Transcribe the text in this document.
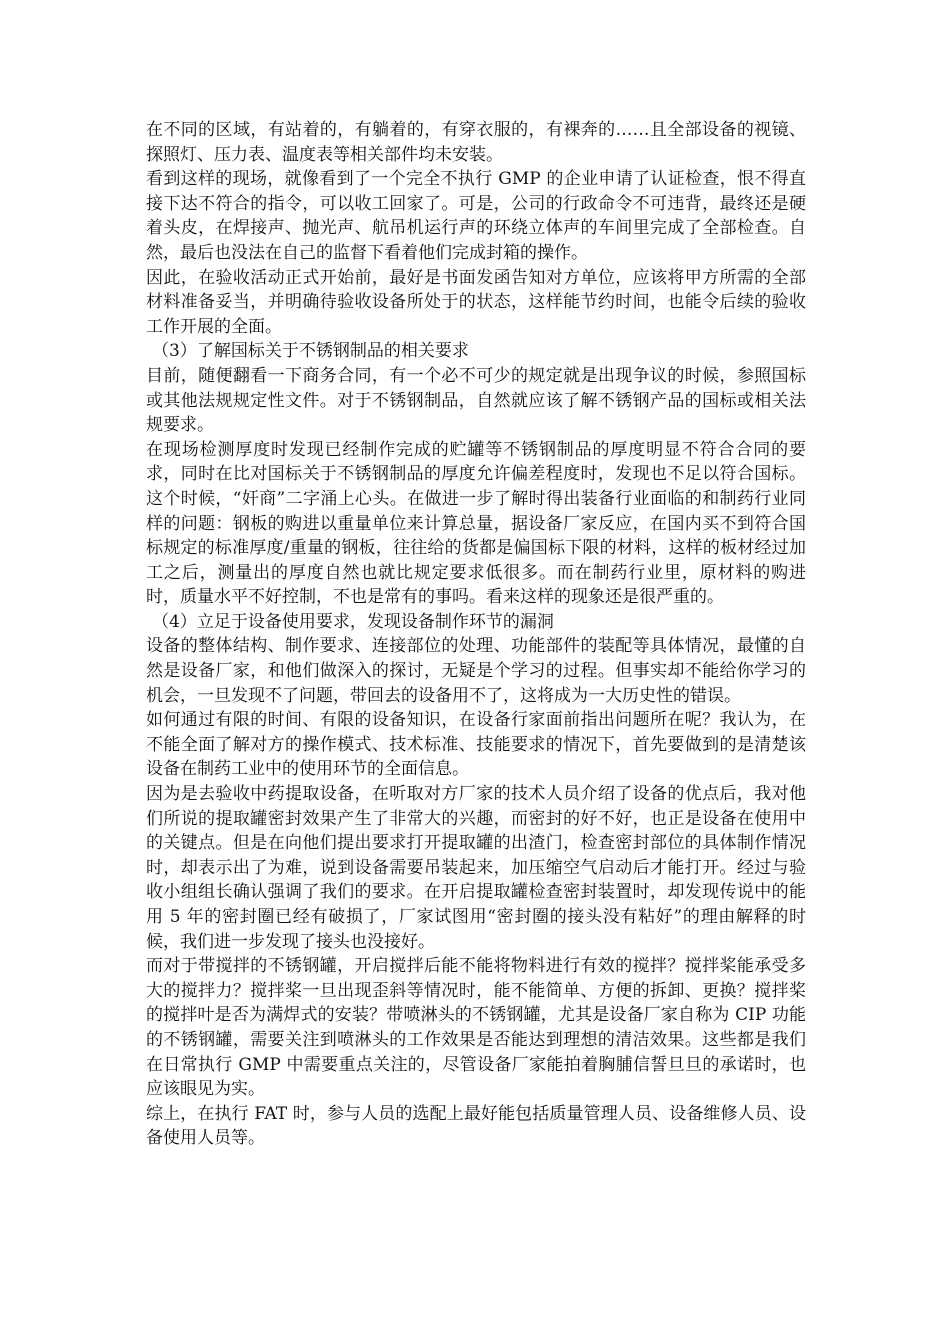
在不同的区域，有站着的，有躺着的，有穿衣服的，有裸奔的……且全部设备的视镜、探照灯、压力表、温度表等相关部件均未安装。

看到这样的现场，就像看到了一个完全不执行 GMP 的企业申请了认证检查，恨不得直接下达不符合的指令，可以收工回家了。可是，公司的行政命令不可违背，最终还是硬着头皮，在焊接声、抛光声、航吊机运行声的环绕立体声的车间里完成了全部检查。自然，最后也没法在自己的监督下看着他们完成封箱的操作。

因此，在验收活动正式开始前，最好是书面发函告知对方单位，应该将甲方所需的全部材料准备妥当，并明确待验收设备所处于的状态，这样能节约时间，也能令后续的验收工作开展的全面。

（3）了解国标关于不锈钢制品的相关要求

目前，随便翻看一下商务合同，有一个必不可少的规定就是出现争议的时候，参照国标或其他法规规定性文件。对于不锈钢制品，自然就应该了解不锈钢产品的国标或相关法规要求。

在现场检测厚度时发现已经制作完成的贮罐等不锈钢制品的厚度明显不符合合同的要求，同时在比对国标关于不锈钢制品的厚度允许偏差程度时，发现也不足以符合国标。这个时候，“奸商”二字涌上心头。在做进一步了解时得出装备行业面临的和制药行业同样的问题：钢板的购进以重量单位来计算总量，据设备厂家反应，在国内买不到符合国标规定的标准厚度/重量的钢板，往往给的货都是偏国标下限的材料，这样的板材经过加工之后，测量出的厚度自然也就比规定要求低很多。而在制药行业里，原材料的购进时，质量水平不好控制，不也是常有的事吗。看来这样的现象还是很严重的。

（4）立足于设备使用要求，发现设备制作环节的漏洞

设备的整体结构、制作要求、连接部位的处理、功能部件的装配等具体情况，最懂的自然是设备厂家，和他们做深入的探讨，无疑是个学习的过程。但事实却不能给你学习的机会，一旦发现不了问题，带回去的设备用不了，这将成为一大历史性的错误。

如何通过有限的时间、有限的设备知识，在设备行家面前指出问题所在呢？我认为，在不能全面了解对方的操作模式、技术标准、技能要求的情况下，首先要做到的是清楚该设备在制药工业中的使用环节的全面信息。

因为是去验收中药提取设备，在听取对方厂家的技术人员介绍了设备的优点后，我对他们所说的提取罐密封效果产生了非常大的兴趣，而密封的好不好，也正是设备在使用中的关键点。但是在向他们提出要求打开提取罐的出渣门，检查密封部位的具体制作情况时，却表示出了为难，说到设备需要吊装起来，加压缩空气启动后才能打开。经过与验收小组组长确认强调了我们的要求。在开启提取罐检查密封装置时，却发现传说中的能用 5 年的密封圈已经有破损了，厂家试图用“密封圈的接头没有粘好”的理由解释的时候，我们进一步发现了接头也没接好。

而对于带搅拌的不锈钢罐，开启搅拌后能不能将物料进行有效的搅拌？搅拌桨能承受多大的搅拌力？搅拌桨一旦出现歪斜等情况时，能不能简单、方便的拆卸、更换？搅拌桨的搅拌叶是否为满焊式的安装？带喷淋头的不锈钢罐，尤其是设备厂家自称为 CIP 功能的不锈钢罐，需要关注到喷淋头的工作效果是否能达到理想的清洁效果。这些都是我们在日常执行 GMP 中需要重点关注的，尽管设备厂家能拍着胸脯信誓旦旦的承诺时，也应该眼见为实。

综上，在执行 FAT 时，参与人员的选配上最好能包括质量管理人员、设备维修人员、设备使用人员等。
